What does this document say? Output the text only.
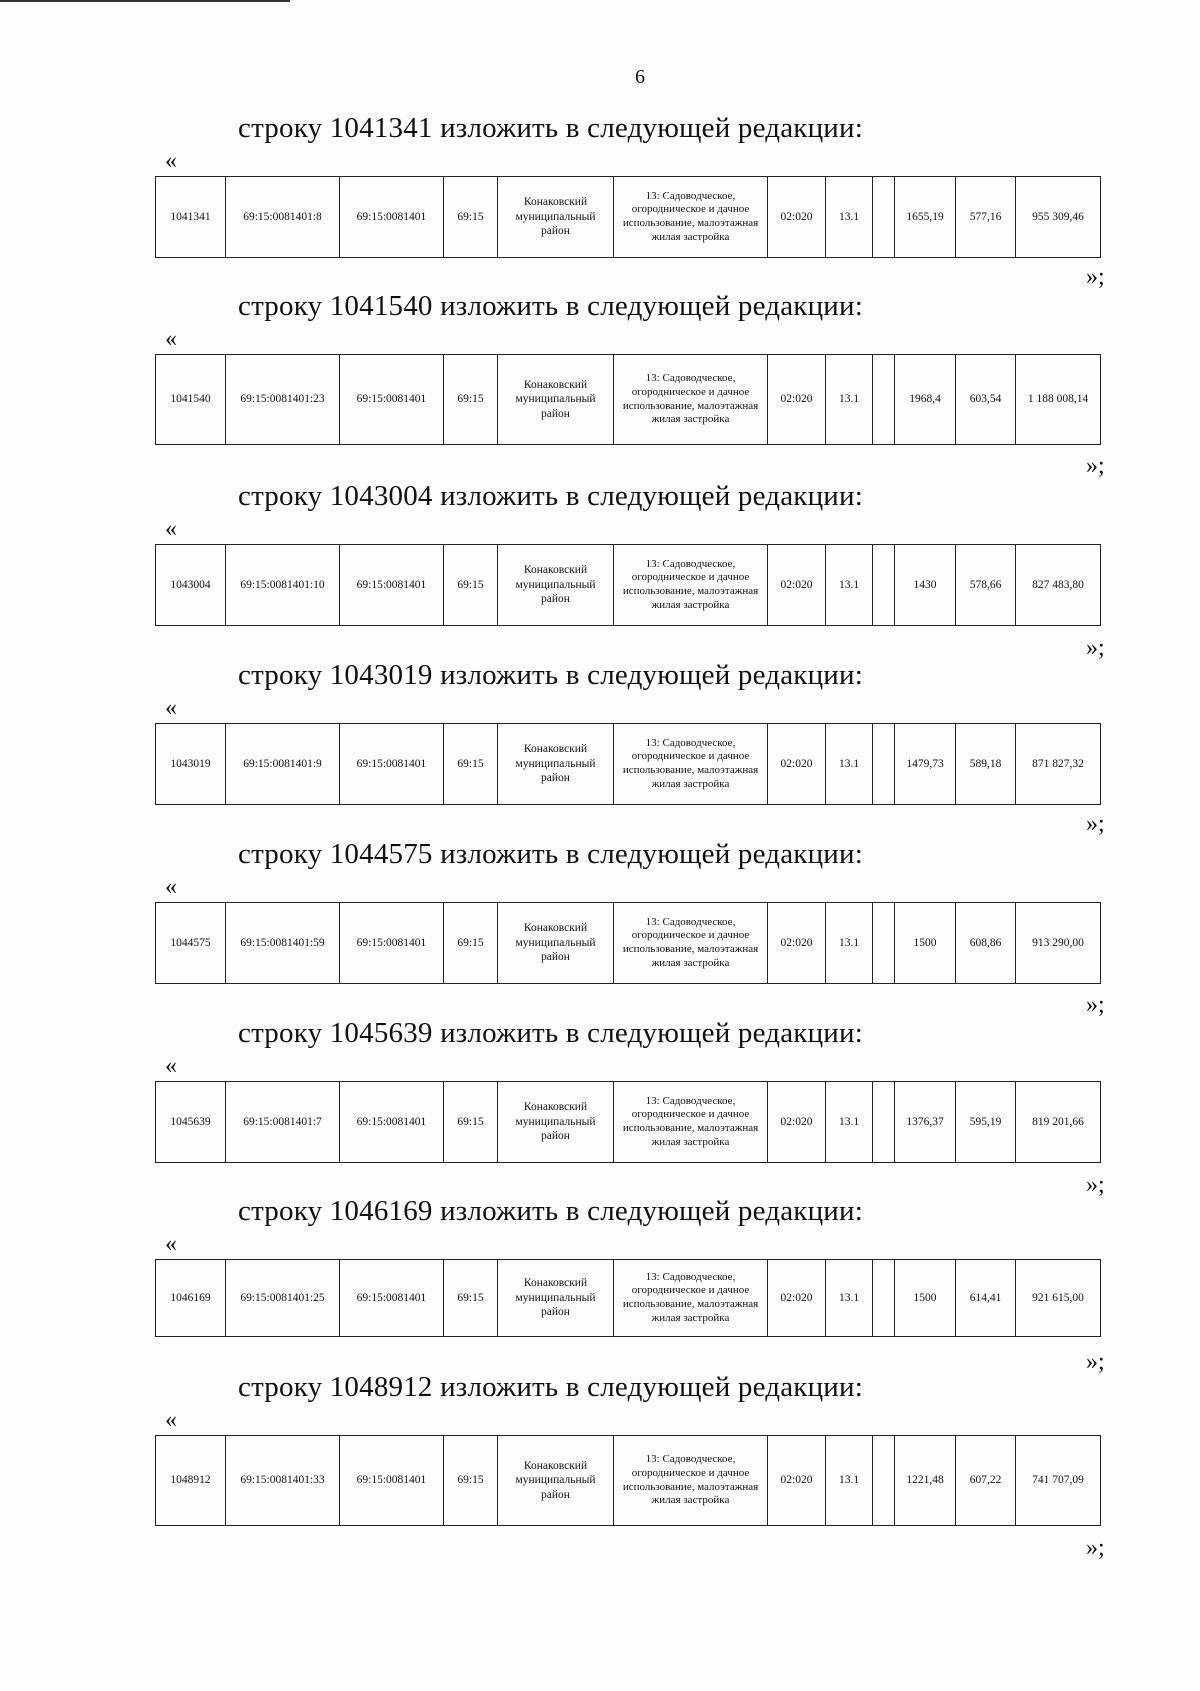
6
строку 1041341 изложить в следующей редакции:
«
1041341	69:15:0081401:8	69:15:0081401	69:15	Конаковский муниципальный район	13: Садоводческое, огородническое и дачное использование, малоэтажная жилая застройка	02:020	13.1		1655,19	577,16	955 309,46
»;
строку 1041540 изложить в следующей редакции:
«
1041540	69:15:0081401:23	69:15:0081401	69:15	Конаковский муниципальный район	13: Садоводческое, огородническое и дачное использование, малоэтажная жилая застройка	02:020	13.1		1968,4	603,54	1 188 008,14
»;
строку 1043004 изложить в следующей редакции:
«
1043004	69:15:0081401:10	69:15:0081401	69:15	Конаковский муниципальный район	13: Садоводческое, огородническое и дачное использование, малоэтажная жилая застройка	02:020	13.1		1430	578,66	827 483,80
»;
строку 1043019 изложить в следующей редакции:
«
1043019	69:15:0081401:9	69:15:0081401	69:15	Конаковский муниципальный район	13: Садоводческое, огородническое и дачное использование, малоэтажная жилая застройка	02:020	13.1		1479,73	589,18	871 827,32
»;
строку 1044575 изложить в следующей редакции:
«
1044575	69:15:0081401:59	69:15:0081401	69:15	Конаковский муниципальный район	13: Садоводческое, огородническое и дачное использование, малоэтажная жилая застройка	02:020	13.1		1500	608,86	913 290,00
»;
строку 1045639 изложить в следующей редакции:
«
1045639	69:15:0081401:7	69:15:0081401	69:15	Конаковский муниципальный район	13: Садоводческое, огородническое и дачное использование, малоэтажная жилая застройка	02:020	13.1		1376,37	595,19	819 201,66
»;
строку 1046169 изложить в следующей редакции:
«
1046169	69:15:0081401:25	69:15:0081401	69:15	Конаковский муниципальный район	13: Садоводческое, огородническое и дачное использование, малоэтажная жилая застройка	02:020	13.1		1500	614,41	921 615,00
»;
строку 1048912 изложить в следующей редакции:
«
1048912	69:15:0081401:33	69:15:0081401	69:15	Конаковский муниципальный район	13: Садоводческое, огородническое и дачное использование, малоэтажная жилая застройка	02:020	13.1		1221,48	607,22	741 707,09
»;
